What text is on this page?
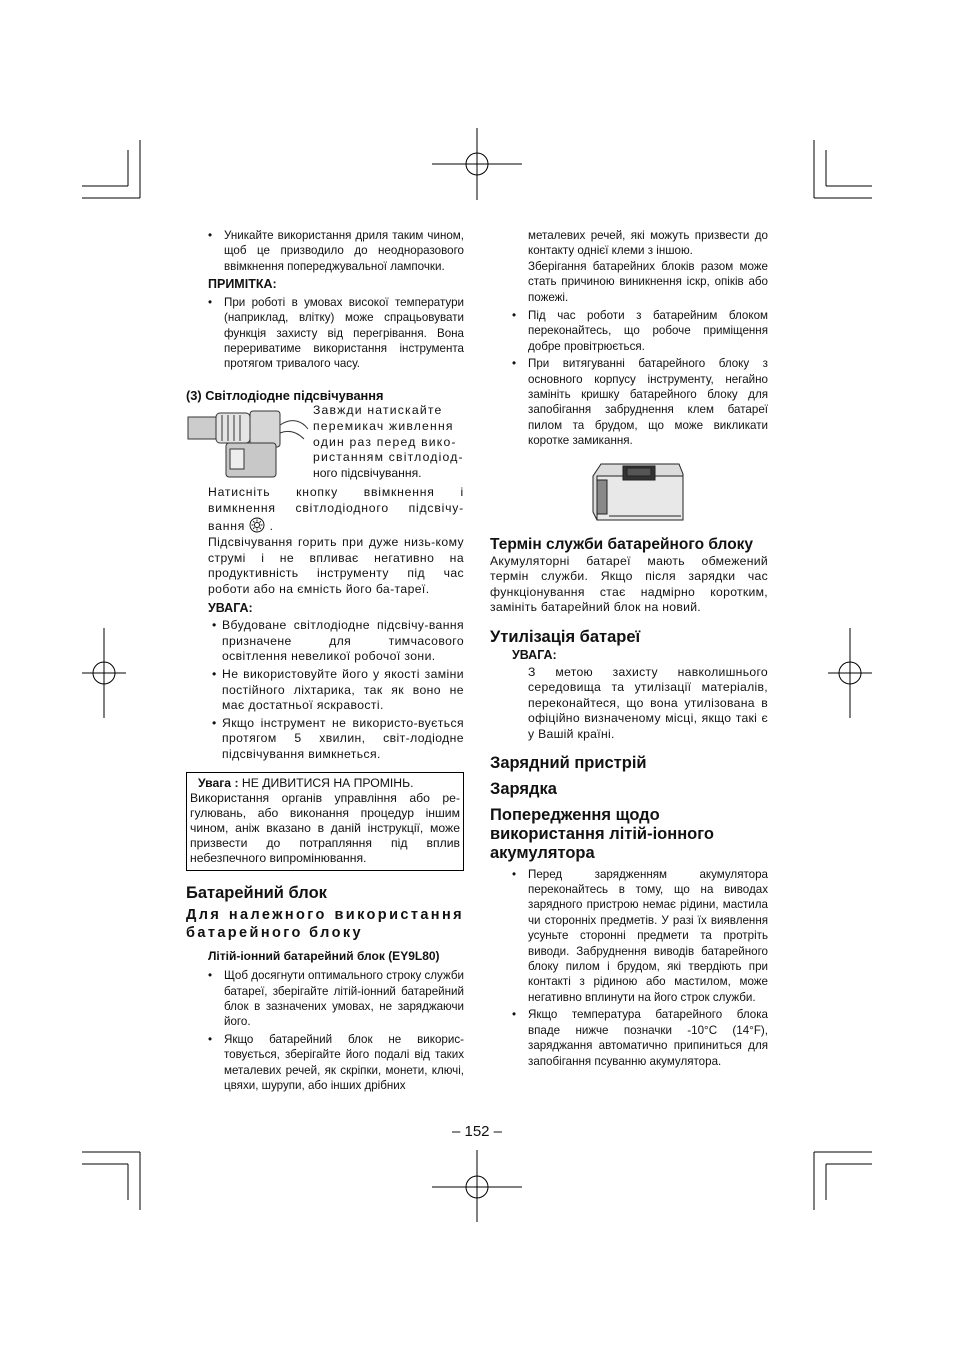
• Уникайте використання дриля таким чином, щоб це призводило до неодноразового ввімкнення попереджувальної лампочки.
ПРИМІТКА:
• При роботі в умовах високої температури (наприклад, влітку) може спрацьовувати функція захисту від перегрівання. Вона перериватиме використання інструмента протягом тривалого часу.
(3) Світлодіодне підсвічування
Завжди натискайте
перемикач живлення
один раз перед вико-
ристанням світлодіод-
ного підсвічування.
Натисніть кнопку ввімкнення і вимкнення світлодіодного підсвічу-вання .
Підсвічування горить при дуже низь-кому струмі і не впливає негативно на продуктивність інструменту під час роботи або на ємність його ба-тареї.
УВАГА:
• Вбудоване світлодіодне підсвічу-вання призначене для тимчасового освітлення невеликої робочої зони.
• Не використовуйте його у якості заміни постійного ліхтарика, так як воно не має достатньої яскравості.
• Якщо інструмент не використо-вується протягом 5 хвилин, світ-лодіодне підсвічування вимкнеться.
Увага : НЕ ДИВИТИСЯ НА ПРОМІНЬ.
Використання органів управління або ре-гулювань, або виконання процедур іншим чином, аніж вказано в даній інструкції, може призвести до потрапляння під вплив небезпечного випромінювання.
Батарейний блок
Для належного використання батарейного блоку
Літій-іонний батарейний блок (EY9L80)
• Щоб досягнути оптимального строку служби батареї, зберігайте літій-іонний батарейний блок в зазначених умовах, не заряджаючи його.
• Якщо батарейний блок не викорис-товується, зберігайте його подалі від таких металевих речей, як скріпки, монети, ключі, цвяхи, шурупи, або інших дрібних
металевих речей, які можуть призвести до контакту однієї клеми з іншою.
Зберігання батарейних блоків разом може стать причиною виникнення іскр, опіків або пожежі.
• Під час роботи з батарейним блоком переконайтесь, що робоче приміщення добре провітрюється.
• При витягуванні батарейного блоку з основного корпусу інструменту, негайно замініть кришку батарейного блоку для запобігання забруднення клем батареї пилом та брудом, що може викликати коротке замикання.
Термін служби батарейного блоку
Акумуляторні батареї мають обмежений термін служби. Якщо після зарядки час функціонування стає надмірно коротким, замініть батарейний блок на новий.
Утилізація батареї
УВАГА:
З метою захисту навколишнього середовища та утилізації матеріалів, переконайтеся, що вона утилізована в офіційно визначеному місці, якщо такі є у Вашій країні.
Зарядний пристрій
Зарядка
Попередження щодо використання літій-іонного акумулятора
• Перед зарядженням акумулятора переконайтесь в тому, що на виводах зарядного пристрою немає рідини, мастила чи сторонніх предметів. У разі їх виявлення усуньте сторонні предмети та протріть виводи. Забруднення виводів батарейного блоку пилом і брудом, які твердіють при контакті з рідиною або мастилом, може негативно вплинути на його строк служби.
• Якщо температура батарейного блока впаде нижче позначки -10°C (14°F), заряджання автоматично припиниться для запобігання псуванню акумулятора.
– 152 –
